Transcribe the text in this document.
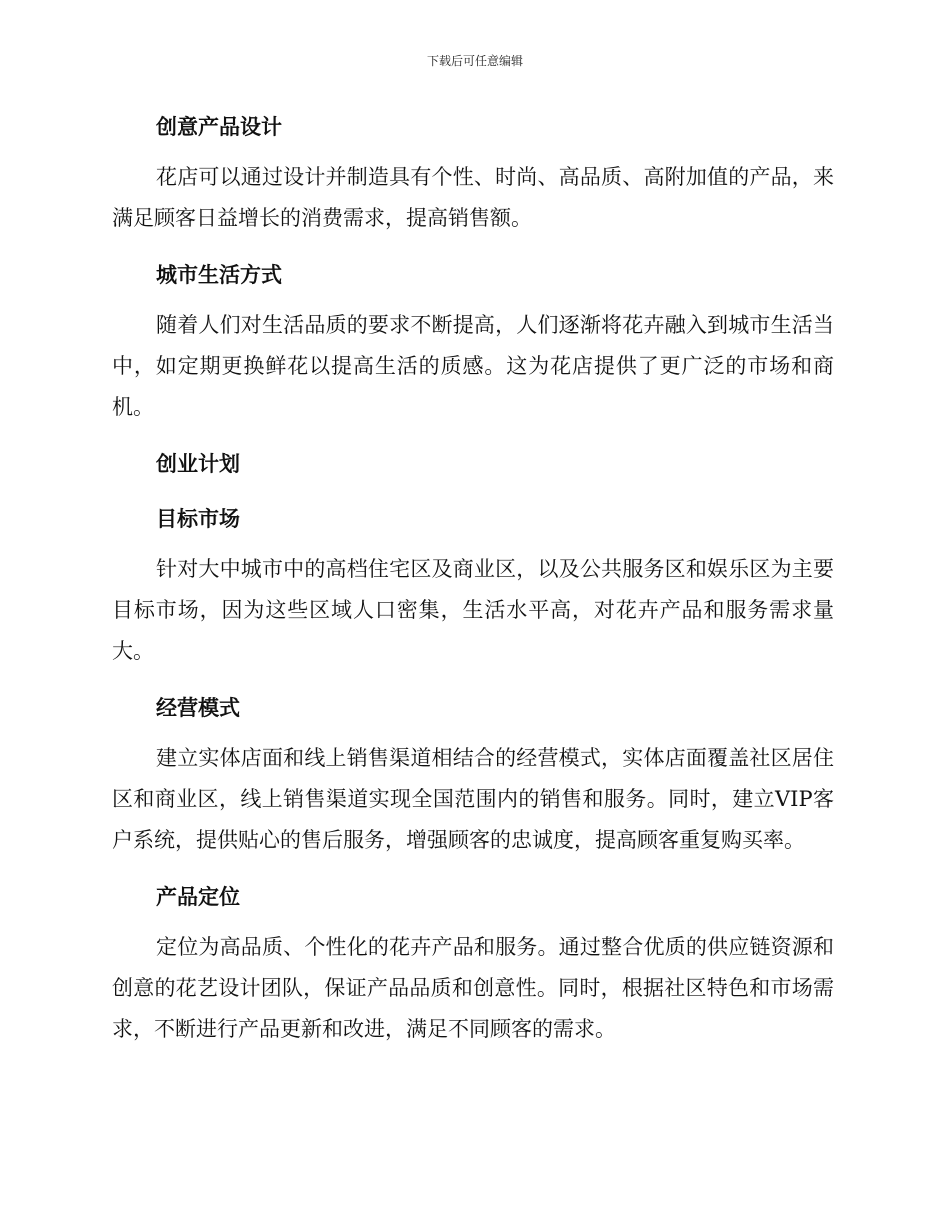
下载后可任意编辑
创意产品设计

花店可以通过设计并制造具有个性、时尚、高品质、高附加值的产品，来满足顾客日益增长的消费需求，提高销售额。

城市生活方式

随着人们对生活品质的要求不断提高，人们逐渐将花卉融入到城市生活当中，如定期更换鲜花以提高生活的质感。这为花店提供了更广泛的市场和商机。

创业计划
目标市场

针对大中城市中的高档住宅区及商业区，以及公共服务区和娱乐区为主要目标市场，因为这些区域人口密集，生活水平高，对花卉产品和服务需求量大。

经营模式

建立实体店面和线上销售渠道相结合的经营模式，实体店面覆盖社区居住区和商业区，线上销售渠道实现全国范围内的销售和服务。同时，建立VIP客户系统，提供贴心的售后服务，增强顾客的忠诚度，提高顾客重复购买率。

产品定位

定位为高品质、个性化的花卉产品和服务。通过整合优质的供应链资源和创意的花艺设计团队，保证产品品质和创意性。同时，根据社区特色和市场需求，不断进行产品更新和改进，满足不同顾客的需求。
